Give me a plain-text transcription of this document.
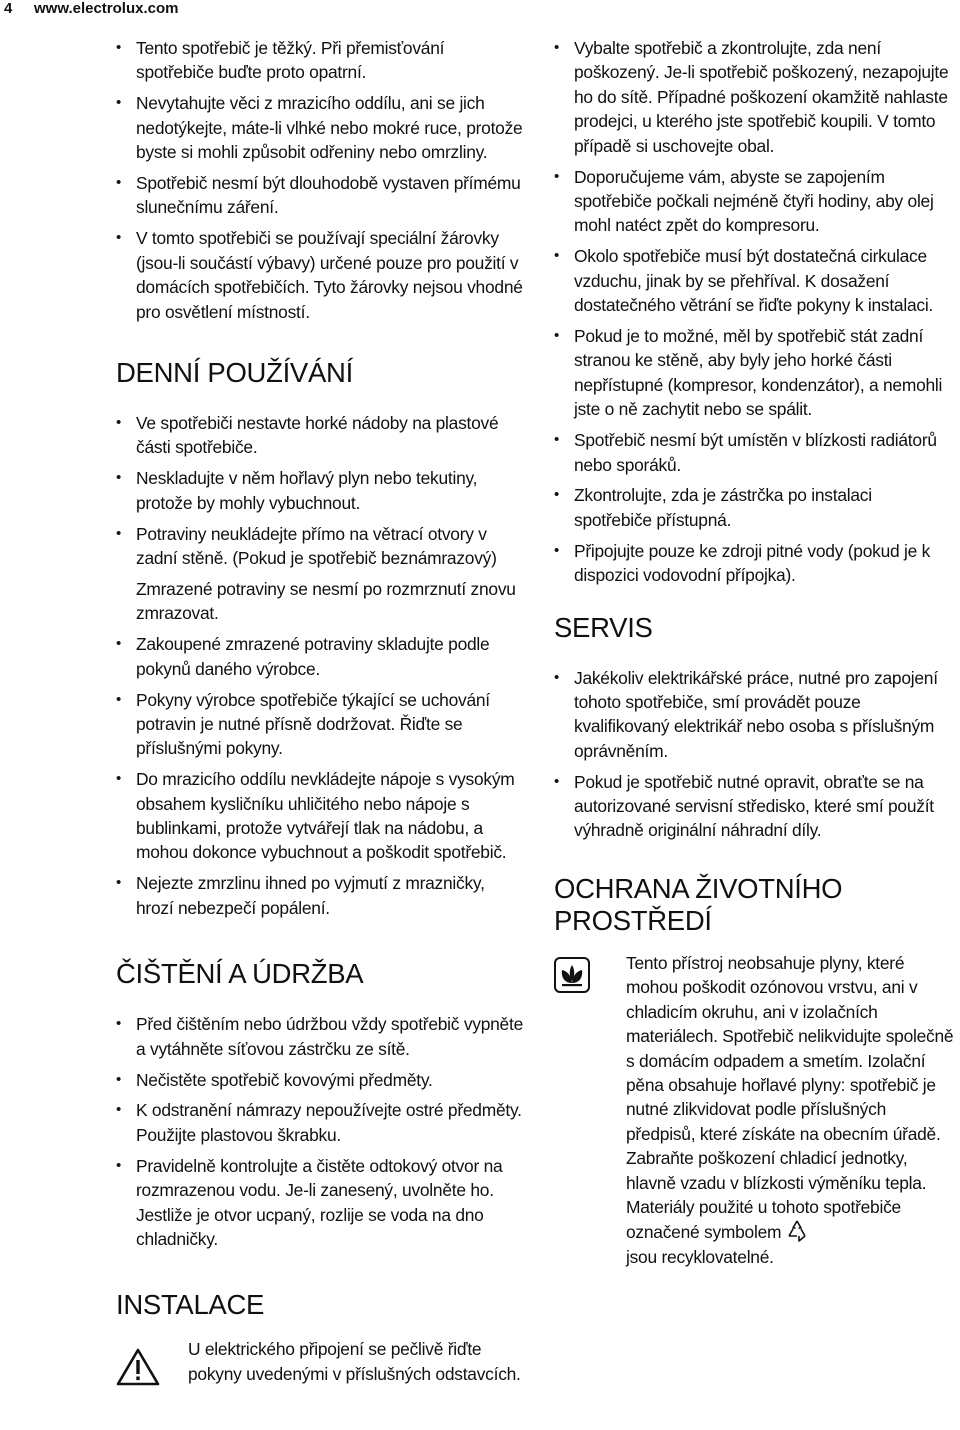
4 www.electrolux.com
• Tento spotřebič je těžký. Při přemisťování spotřebiče buďte proto opatrní.
• Nevytahujte věci z mrazicího oddílu, ani se jich nedotýkejte, máte-li vlhké nebo mokré ruce, protože byste si mohli způsobit odřeniny nebo omrzliny.
• Spotřebič nesmí být dlouhodobě vystaven přímému slunečnímu záření.
• V tomto spotřebiči se používají speciální žárovky (jsou-li součástí výbavy) určené pouze pro použití v domácích spotřebičích. Tyto žárovky nejsou vhodné pro osvětlení místností.
DENNÍ POUŽÍVÁNÍ
• Ve spotřebiči nestavte horké nádoby na plastové části spotřebiče.
• Neskladujte v něm hořlavý plyn nebo tekutiny, protože by mohly vybuchnout.
• Potraviny neukládejte přímo na větrací otvory v zadní stěně. (Pokud je spotřebič beznámrazový)
Zmrazené potraviny se nesmí po rozmrznutí znovu zmrazovat.
• Zakoupené zmrazené potraviny skladujte podle pokynů daného výrobce.
• Pokyny výrobce spotřebiče týkající se uchování potravin je nutné přísně dodržovat. Řiďte se příslušnými pokyny.
• Do mrazicího oddílu nevkládejte nápoje s vysokým obsahem kysličníku uhličitého nebo nápoje s bublinkami, protože vytvářejí tlak na nádobu, a mohou dokonce vybuchnout a poškodit spotřebič.
• Nejezte zmrzlinu ihned po vyjmutí z mrazničky, hrozí nebezpečí popálení.
ČIŠTĚNÍ A ÚDRŽBA
• Před čištěním nebo údržbou vždy spotřebič vypněte a vytáhněte síťovou zástrčku ze sítě.
• Nečistěte spotřebič kovovými předměty.
• K odstranění námrazy nepoužívejte ostré předměty. Použijte plastovou škrabku.
• Pravidelně kontrolujte a čistěte odtokový otvor na rozmrazenou vodu. Je-li zanesený, uvolněte ho. Jestliže je otvor ucpaný, rozlije se voda na dno chladničky.
INSTALACE
U elektrického připojení se pečlivě řiďte pokyny uvedenými v příslušných odstavcích.
• Vybalte spotřebič a zkontrolujte, zda není poškozený. Je-li spotřebič poškozený, nezapojujte ho do sítě. Případné poškození okamžitě nahlaste prodejci, u kterého jste spotřebič koupili. V tomto případě si uschovejte obal.
• Doporučujeme vám, abyste se zapojením spotřebiče počkali nejméně čtyři hodiny, aby olej mohl natéct zpět do kompresoru.
• Okolo spotřebiče musí být dostatečná cirkulace vzduchu, jinak by se přehříval. K dosažení dostatečného větrání se řiďte pokyny k instalaci.
• Pokud je to možné, měl by spotřebič stát zadní stranou ke stěně, aby byly jeho horké části nepřístupné (kompresor, kondenzátor), a nemohli jste o ně zachytit nebo se spálit.
• Spotřebič nesmí být umístěn v blízkosti radiátorů nebo sporáků.
• Zkontrolujte, zda je zástrčka po instalaci spotřebiče přístupná.
• Připojujte pouze ke zdroji pitné vody (pokud je k dispozici vodovodní přípojka).
SERVIS
• Jakékoliv elektrikářské práce, nutné pro zapojení tohoto spotřebiče, smí provádět pouze kvalifikovaný elektrikář nebo osoba s příslušným oprávněním.
• Pokud je spotřebič nutné opravit, obraťte se na autorizované servisní středisko, které smí použít výhradně originální náhradní díly.
OCHRANA ŽIVOTNÍHO PROSTŘEDÍ
Tento přístroj neobsahuje plyny, které mohou poškodit ozónovou vrstvu, ani v chladicím okruhu, ani v izolačních materiálech. Spotřebič nelikvidujte společně s domácím odpadem a smetím. Izolační pěna obsahuje hořlavé plyny: spotřebič je nutné zlikvidovat podle příslušných předpisů, které získáte na obecním úřadě. Zabraňte poškození chladicí jednotky, hlavně vzadu v blízkosti výměníku tepla. Materiály použité u tohoto spotřebiče označené symbolem
jsou recyklovatelné.
